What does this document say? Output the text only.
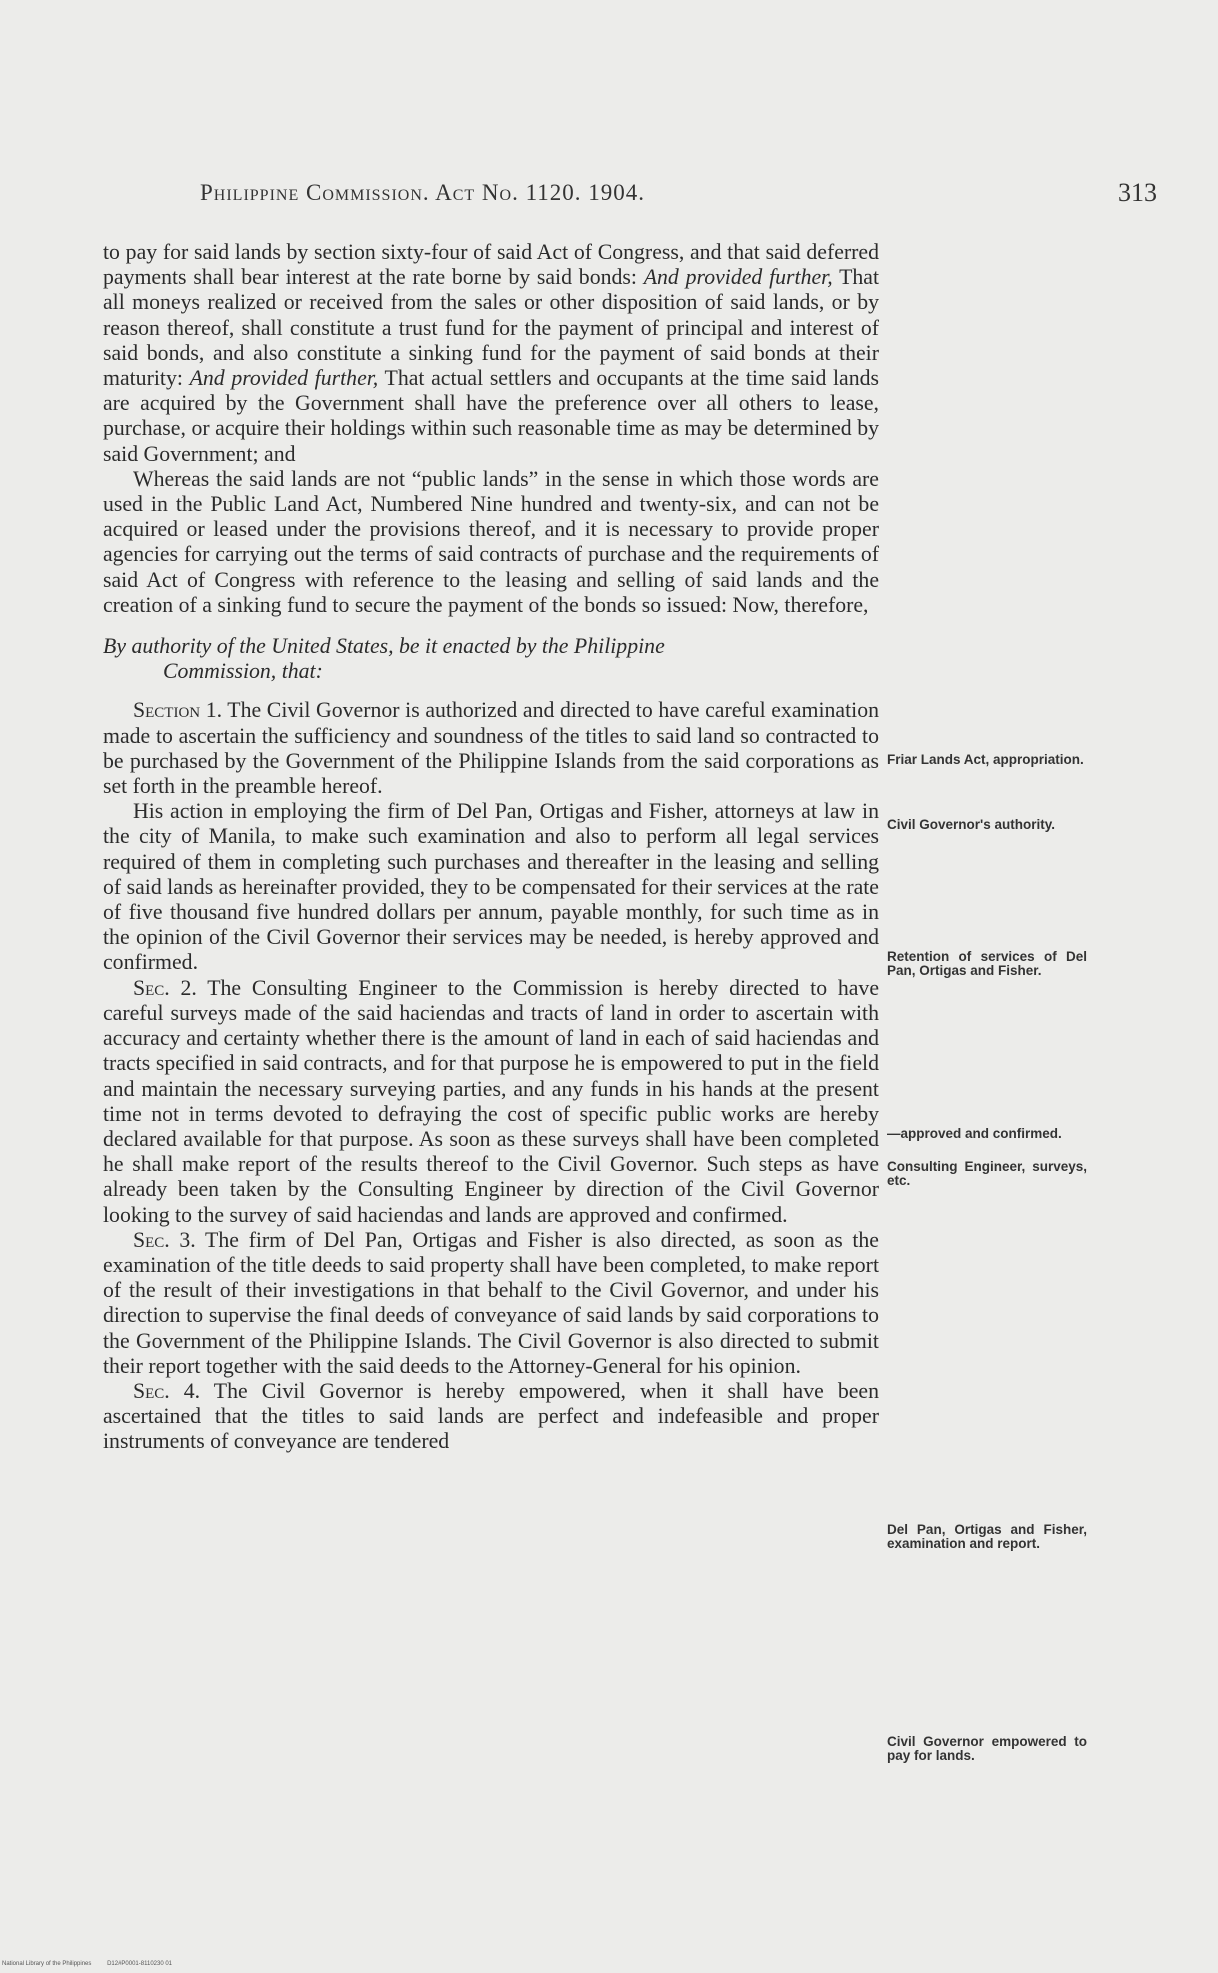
Philippine Commission. Act No. 1120. 1904.	313

to pay for said lands by section sixty-four of said Act of Congress, and that said deferred payments shall bear interest at the rate borne by said bonds: And provided further, That all moneys realized or received from the sales or other disposition of said lands, or by reason thereof, shall constitute a trust fund for the payment of principal and interest of said bonds, and also constitute a sinking fund for the payment of said bonds at their maturity: And provided further, That actual settlers and occupants at the time said lands are acquired by the Government shall have the preference over all others to lease, purchase, or acquire their holdings within such reasonable time as may be determined by said Government; and

Whereas the said lands are not “public lands” in the sense in which those words are used in the Public Land Act, Numbered Nine hundred and twenty-six, and can not be acquired or leased under the provisions thereof, and it is necessary to provide proper agencies for carrying out the terms of said contracts of purchase and the requirements of said Act of Congress with reference to the leasing and selling of said lands and the creation of a sinking fund to secure the payment of the bonds so issued: Now, therefore,

By authority of the United States, be it enacted by the Philippine
Commission, that:

Section 1. The Civil Governor is authorized and directed to have careful examination made to ascertain the sufficiency and soundness of the titles to said land so contracted to be purchased by the Government of the Philippine Islands from the said corporations as set forth in the preamble hereof.

His action in employing the firm of Del Pan, Ortigas and Fisher, attorneys at law in the city of Manila, to make such examination and also to perform all legal services required of them in completing such purchases and thereafter in the leasing and selling of said lands as hereinafter provided, they to be compensated for their services at the rate of five thousand five hundred dollars per annum, payable monthly, for such time as in the opinion of the Civil Governor their services may be needed, is hereby approved and confirmed.

Sec. 2. The Consulting Engineer to the Commission is hereby directed to have careful surveys made of the said haciendas and tracts of land in order to ascertain with accuracy and certainty whether there is the amount of land in each of said haciendas and tracts specified in said contracts, and for that purpose he is empowered to put in the field and maintain the necessary surveying parties, and any funds in his hands at the present time not in terms devoted to defraying the cost of specific public works are hereby declared available for that purpose. As soon as these surveys shall have been completed he shall make report of the results thereof to the Civil Governor. Such steps as have already been taken by the Consulting Engineer by direction of the Civil Governor looking to the survey of said haciendas and lands are approved and confirmed.

Sec. 3. The firm of Del Pan, Ortigas and Fisher is also directed, as soon as the examination of the title deeds to said property shall have been completed, to make report of the result of their investigations in that behalf to the Civil Governor, and under his direction to supervise the final deeds of conveyance of said lands by said corporations to the Government of the Philippine Islands. The Civil Governor is also directed to submit their report together with the said deeds to the Attorney-General for his opinion.

Sec. 4. The Civil Governor is hereby empowered, when it shall have been ascertained that the titles to said lands are perfect and indefeasible and proper instruments of conveyance are tendered

Friar Lands Act, appropriation.
Civil Governor's authority.
Retention of services of Del Pan, Ortigas and Fisher.
—approved and confirmed.
Consulting Engineer, surveys, etc.
Del Pan, Ortigas and Fisher, examination and report.
Civil Governor empowered to pay for lands.
National Library of the Philippines	D12#P0001-8110230 01
